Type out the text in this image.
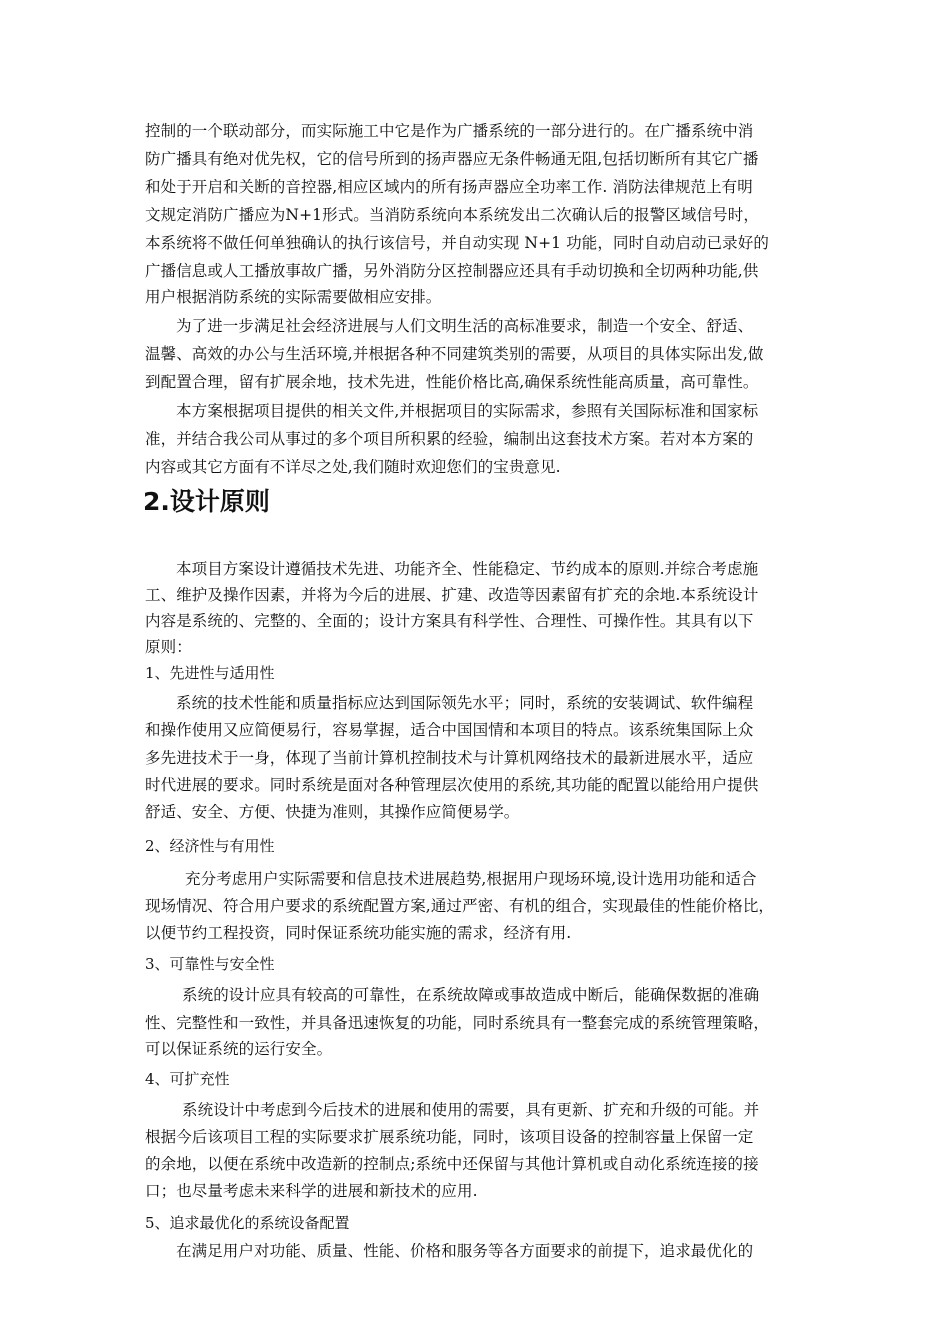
控制的一个联动部分，而实际施工中它是作为广播系统的一部分进行的。在广播系统中消
防广播具有绝对优先权，它的信号所到的扬声器应无条件畅通无阻,包括切断所有其它广播
和处于开启和关断的音控器,相应区域内的所有扬声器应全功率工作. 消防法律规范上有明
文规定消防广播应为N+1形式。当消防系统向本系统发出二次确认后的报警区域信号时，
本系统将不做任何单独确认的执行该信号，并自动实现 N+1 功能，同时自动启动已录好的
广播信息或人工播放事故广播，另外消防分区控制器应还具有手动切换和全切两种功能,供
用户根据消防系统的实际需要做相应安排。
为了进一步满足社会经济进展与人们文明生活的高标准要求，制造一个安全、舒适、
温馨、高效的办公与生活环境,并根据各种不同建筑类别的需要，从项目的具体实际出发,做
到配置合理，留有扩展余地，技术先进，性能价格比高,确保系统性能高质量，高可靠性。
本方案根据项目提供的相关文件,并根据项目的实际需求，参照有关国际标准和国家标
准，并结合我公司从事过的多个项目所积累的经验，编制出这套技术方案。若对本方案的
内容或其它方面有不详尽之处,我们随时欢迎您们的宝贵意见.
2.设计原则
本项目方案设计遵循技术先进、功能齐全、性能稳定、节约成本的原则.并综合考虑施
工、维护及操作因素，并将为今后的进展、扩建、改造等因素留有扩充的余地.本系统设计
内容是系统的、完整的、全面的；设计方案具有科学性、合理性、可操作性。其具有以下
原则：
1、先进性与适用性
系统的技术性能和质量指标应达到国际领先水平；同时，系统的安装调试、软件编程
和操作使用又应简便易行，容易掌握，适合中国国情和本项目的特点。该系统集国际上众
多先进技术于一身，体现了当前计算机控制技术与计算机网络技术的最新进展水平，适应
时代进展的要求。同时系统是面对各种管理层次使用的系统,其功能的配置以能给用户提供
舒适、安全、方便、快捷为准则，其操作应简便易学。
2、经济性与有用性
充分考虑用户实际需要和信息技术进展趋势,根据用户现场环境,设计选用功能和适合
现场情况、符合用户要求的系统配置方案,通过严密、有机的组合，实现最佳的性能价格比，
以便节约工程投资，同时保证系统功能实施的需求，经济有用.
3、可靠性与安全性
系统的设计应具有较高的可靠性，在系统故障或事故造成中断后，能确保数据的准确
性、完整性和一致性，并具备迅速恢复的功能，同时系统具有一整套完成的系统管理策略，
可以保证系统的运行安全。
4、可扩充性
系统设计中考虑到今后技术的进展和使用的需要，具有更新、扩充和升级的可能。并
根据今后该项目工程的实际要求扩展系统功能，同时，该项目设备的控制容量上保留一定
的余地，以便在系统中改造新的控制点;系统中还保留与其他计算机或自动化系统连接的接
口；也尽量考虑未来科学的进展和新技术的应用.
5、追求最优化的系统设备配置
在满足用户对功能、质量、性能、价格和服务等各方面要求的前提下，追求最优化的
